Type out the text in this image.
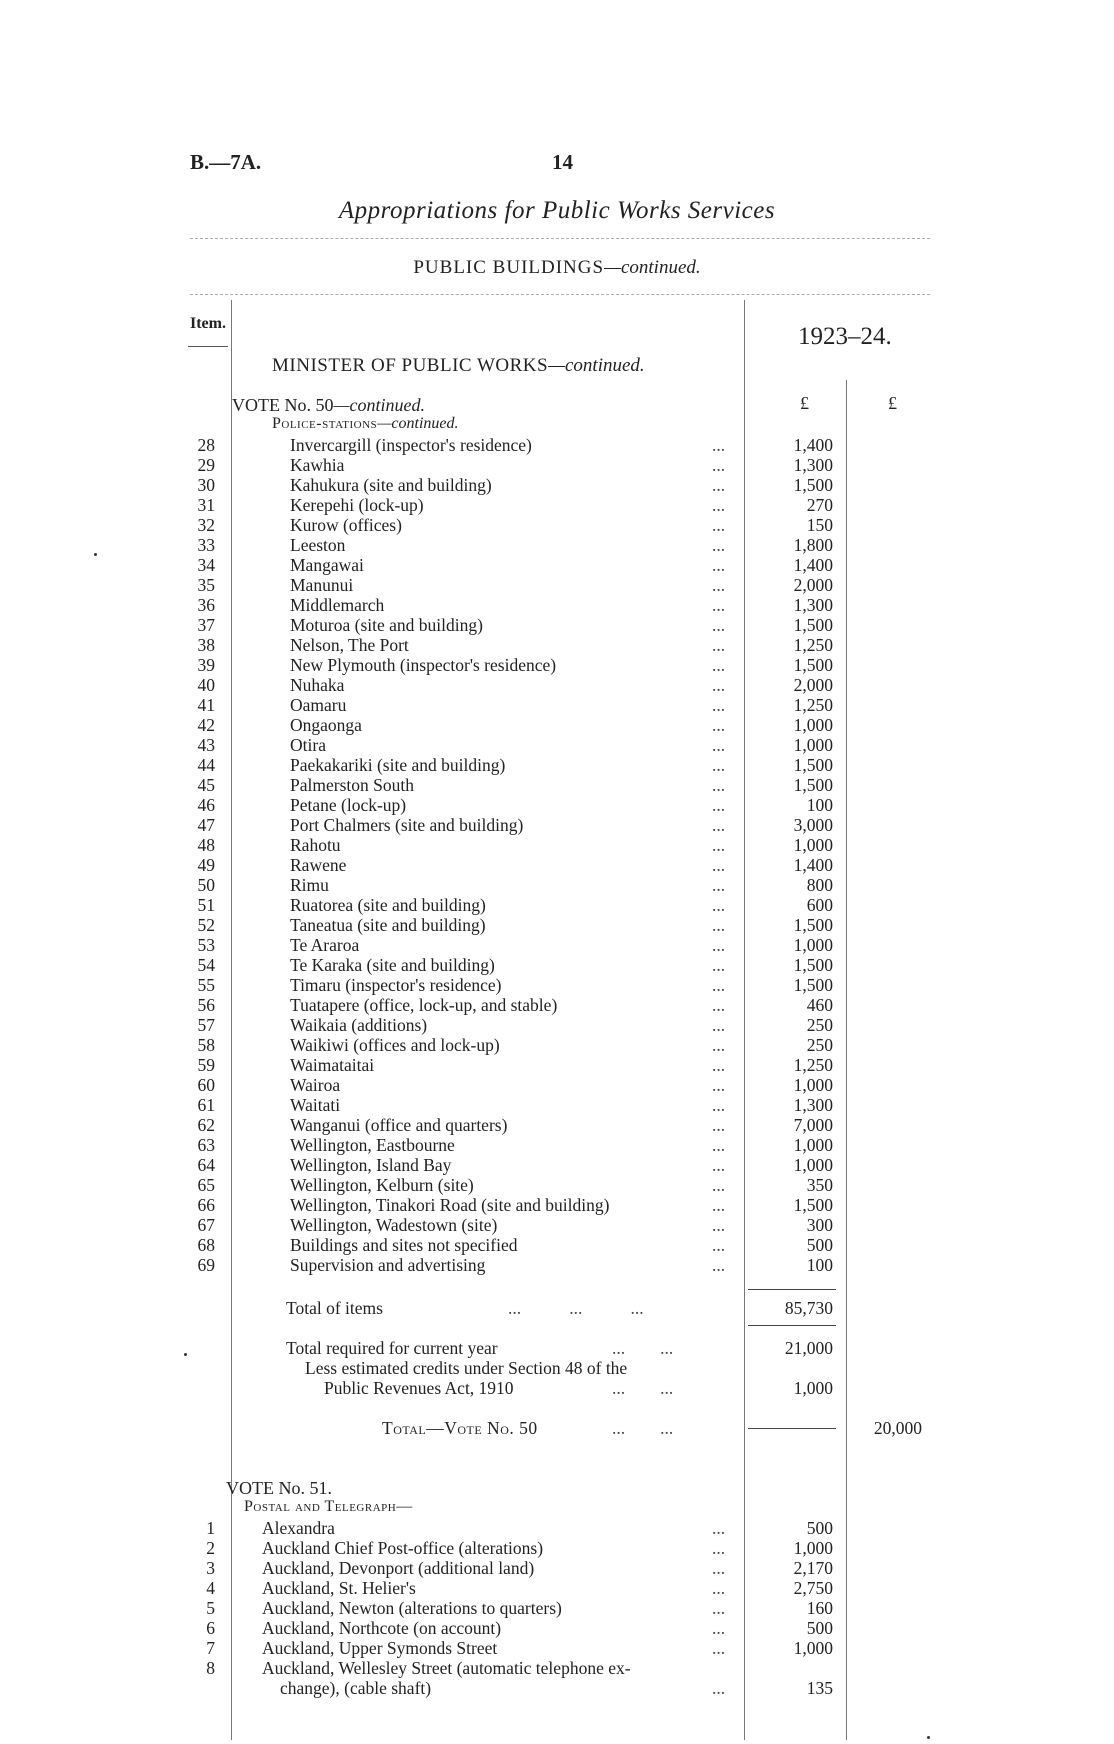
B.—7A.	14
Appropriations for Public Works Services
PUBLIC BUILDINGS—continued.
Item.	1923–24.
MINISTER OF PUBLIC WORKS—continued.
£	£
VOTE No. 50—continued.
Police-stations—continued.
28	Invercargill (inspector's residence)	...	1,400
29	Kawhia	...	1,300
30	Kahukura (site and building)	...	1,500
31	Kerepehi (lock-up)	...	270
32	Kurow (offices)	...	150
33	Leeston	...	1,800
34	Mangawai	...	1,400
35	Manunui	...	2,000
36	Middlemarch	...	1,300
37	Moturoa (site and building)	...	1,500
38	Nelson, The Port	...	1,250
39	New Plymouth (inspector's residence)	...	1,500
40	Nuhaka	...	2,000
41	Oamaru	...	1,250
42	Ongaonga	...	1,000
43	Otira	...	1,000
44	Paekakariki (site and building)	...	1,500
45	Palmerston South	...	1,500
46	Petane (lock-up)	...	100
47	Port Chalmers (site and building)	...	3,000
48	Rahotu	...	1,000
49	Rawene	...	1,400
50	Rimu	...	800
51	Ruatorea (site and building)	...	600
52	Taneatua (site and building)	...	1,500
53	Te Araroa	...	1,000
54	Te Karaka (site and building)	...	1,500
55	Timaru (inspector's residence)	...	1,500
56	Tuatapere (office, lock-up, and stable)	...	460
57	Waikaia (additions)	...	250
58	Waikiwi (offices and lock-up)	...	250
59	Waimataitai	...	1,250
60	Wairoa	...	1,000
61	Waitati	...	1,300
62	Wanganui (office and quarters)	...	7,000
63	Wellington, Eastbourne	...	1,000
64	Wellington, Island Bay	...	1,000
65	Wellington, Kelburn (site)	...	350
66	Wellington, Tinakori Road (site and building)	...	1,500
67	Wellington, Wadestown (site)	...	300
68	Buildings and sites not specified	...	500
69	Supervision and advertising	...	100
Total of items	...           ...           ...	85,730
Total required for current year	...        ...	21,000
Less estimated credits under Section 48 of the
Public Revenues Act, 1910	...        ...	1,000
Total—Vote No. 50	...        ...	20,000
VOTE No. 51.
Postal and Telegraph—
1	Alexandra	...	500
2	Auckland Chief Post-office (alterations)	...	1,000
3	Auckland, Devonport (additional land)	...	2,170
4	Auckland, St. Helier's	...	2,750
5	Auckland, Newton (alterations to quarters)	...	160
6	Auckland, Northcote (on account)	...	500
7	Auckland, Upper Symonds Street	...	1,000
8	Auckland, Wellesley Street (automatic telephone ex-
change), (cable shaft)	...	135
